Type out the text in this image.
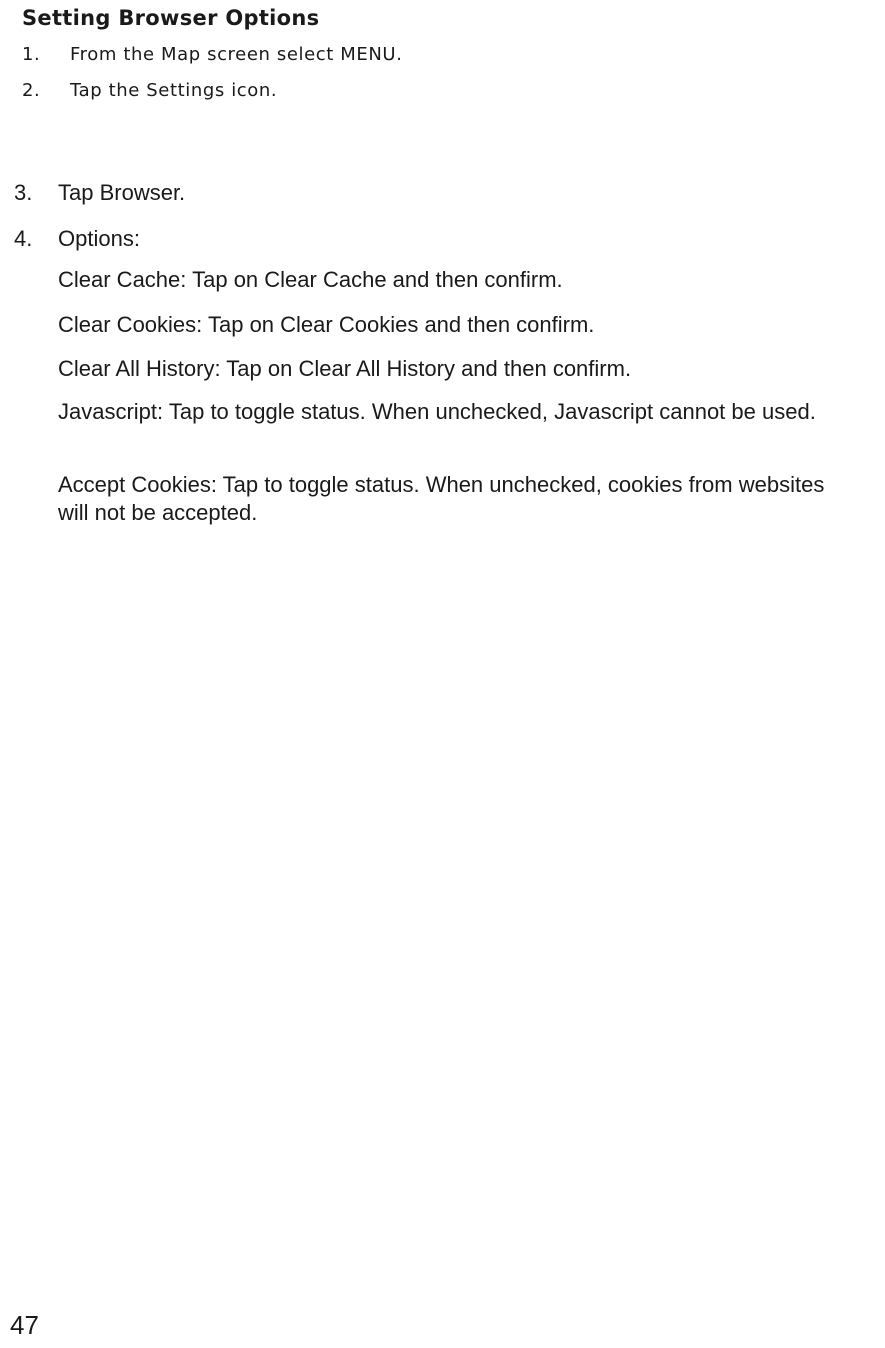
Setting Browser Options
1. From the Map screen select MENU.
2. Tap the Settings icon.
3. Tap Browser.
4. Options:
Clear Cache: Tap on Clear Cache and then confirm.
Clear Cookies: Tap on Clear Cookies and then confirm.
Clear All History: Tap on Clear All History and then confirm.
Javascript: Tap to toggle status. When unchecked, Javascript cannot be used.
Accept Cookies: Tap to toggle status. When unchecked, cookies from websites will not be accepted.
47
